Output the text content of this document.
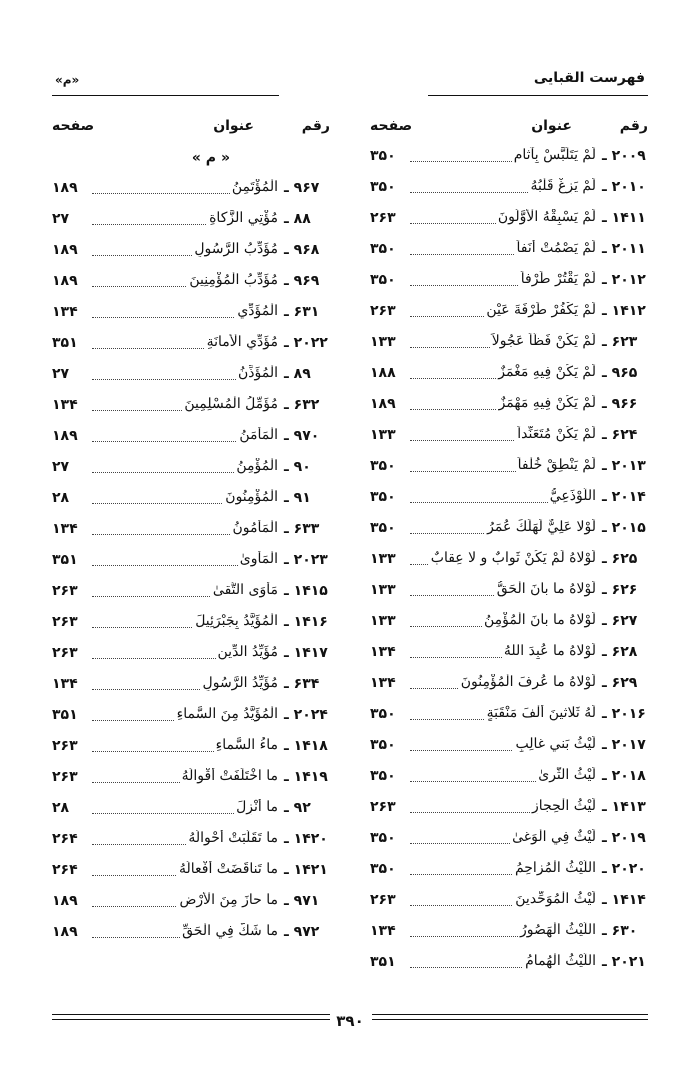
فهرست القبايى
«م»
رقم
عنوان
صفحه
۲۰۰۹ ـ
لَمْ يَتَلَبَّسْ بِآثامٍ
۳۵۰
۲۰۱۰ ـ
لَمْ يَزِغْ قَلْبُهُ
۳۵۰
۱۴۱۱ ـ
لَمْ يَسْبِقْهُ الْأَوَّلُونَ
۲۶۳
۲۰۱۱ ـ
لَمْ يَصْمُتْ أَنَفاً
۳۵۰
۲۰۱۲ ـ
لَمْ يَقْتُرْ طَرْفاً
۳۵۰
۱۴۱۲ ـ
لَمْ يَكْفُرْ طَرْفَةَ عَيْنٍ
۲۶۳
۶۲۳ ـ
لَمْ يَكُنْ فَظّاً عَجُولاً
۱۳۳
۹۶۵ ـ
لَمْ يَكُنْ فِيهِ مَغْمَزٌ
۱۸۸
۹۶۶ ـ
لَمْ يَكُنْ فِيهِ مَهْمَزٌ
۱۸۹
۶۲۴ ـ
لَمْ يَكُنْ مُتَعَنِّداً
۱۳۳
۲۰۱۳ ـ
لَمْ يَنْطِقْ خُلْفاً
۳۵۰
۲۰۱۴ ـ
اللَّوْذَعِيُّ
۳۵۰
۲۰۱۵ ـ
لَوْلا عَلِيٌّ لَهَلَكَ عُمَرُ
۳۵۰
۶۲۵ ـ
لَوْلاهُ لَمْ يَكُنْ ثَوابٌ و لا عِقابٌ
۱۳۳
۶۲۶ ـ
لَوْلاهُ ما بانَ الْحَقُّ
۱۳۳
۶۲۷ ـ
لَوْلاهُ ما بانَ الْمُؤْمِنُ
۱۳۳
۶۲۸ ـ
لَوْلاهُ ما عُبِدَ اللهُ
۱۳۴
۶۲۹ ـ
لَوْلاهُ ما عُرِفَ الْمُؤْمِنُونَ
۱۳۴
۲۰۱۶ ـ
لَهُ ثَلاثينَ أَلْفَ مَنْقَبَةٍ
۳۵۰
۲۰۱۷ ـ
لَيْثُ بَني غالِبٍ
۳۵۰
۲۰۱۸ ـ
لَيْثُ الثَّرىٰ
۳۵۰
۱۴۱۳ ـ
لَيْثُ الْحِجازِ
۲۶۳
۲۰۱۹ ـ
لَيْثٌ فِي الْوَغىٰ
۳۵۰
۲۰۲۰ ـ
اللَّيْثُ الْمُزاحِمُ
۳۵۰
۱۴۱۴ ـ
لَيْثُ الْمُوَحِّدينَ
۲۶۳
۶۳۰ ـ
اللَّيْثُ الْهَصُورُ
۱۳۴
۲۰۲۱ ـ
اللَّيْثُ الْهُمامُ
۳۵۱
رقم
عنوان
صفحه
« م »
۹۶۷ ـ
الْمُؤْتَمِنُ
۱۸۹
۸۸ ـ
مُؤْتِي الزَّكاةِ
۲۷
۹۶۸ ـ
مُؤَدِّبُ الرَّسُولِ
۱۸۹
۹۶۹ ـ
مُؤَدِّبُ الْمُؤْمِنِينَ
۱۸۹
۶۳۱ ـ
الْمُؤَدِّي
۱۳۴
۲۰۲۲ ـ
مُؤَدِّي الْأَمانَةِ
۳۵۱
۸۹ ـ
الْمُؤَذِّنُ
۲۷
۶۳۲ ـ
مُؤَمِّلُ الْمُسْلِمِينَ
۱۳۴
۹۷۰ ـ
الْمَأْمَنُ
۱۸۹
۹۰ ـ
الْمُؤْمِنُ
۲۷
۹۱ ـ
الْمُؤْمِنُونَ
۲۸
۶۳۳ ـ
الْمَأْمُونُ
۱۳۴
۲۰۲۳ ـ
الْمَأْوىٰ
۳۵۱
۱۴۱۵ ـ
مَأْوَى التُّقىٰ
۲۶۳
۱۴۱۶ ـ
الْمُؤَيَّدُ بِجَبْرَئِيلَ
۲۶۳
۱۴۱۷ ـ
مُؤَيِّدُ الدِّينِ
۲۶۳
۶۳۴ ـ
مُؤَيِّدُ الرَّسُولِ
۱۳۴
۲۰۲۴ ـ
الْمُؤَيَّدُ مِنَ السَّماءِ
۳۵۱
۱۴۱۸ ـ
ماءُ السَّماءِ
۲۶۳
۱۴۱۹ ـ
ما اخْتَلَفَتْ أَقْوالُهُ
۲۶۳
۹۲ ـ
ما أُنْزِلَ
۲۸
۱۴۲۰ ـ
ما تَقَلَّبَتْ أَحْوالُهُ
۲۶۴
۱۴۲۱ ـ
ما تَناقَضَتْ أَفْعالُهُ
۲۶۴
۹۷۱ ـ
ما حازَ مِنَ الْأَرْضِ
۱۸۹
۹۷۲ ـ
ما شَكَّ فِي الْحَقِّ
۱۸۹
۳۹۰
